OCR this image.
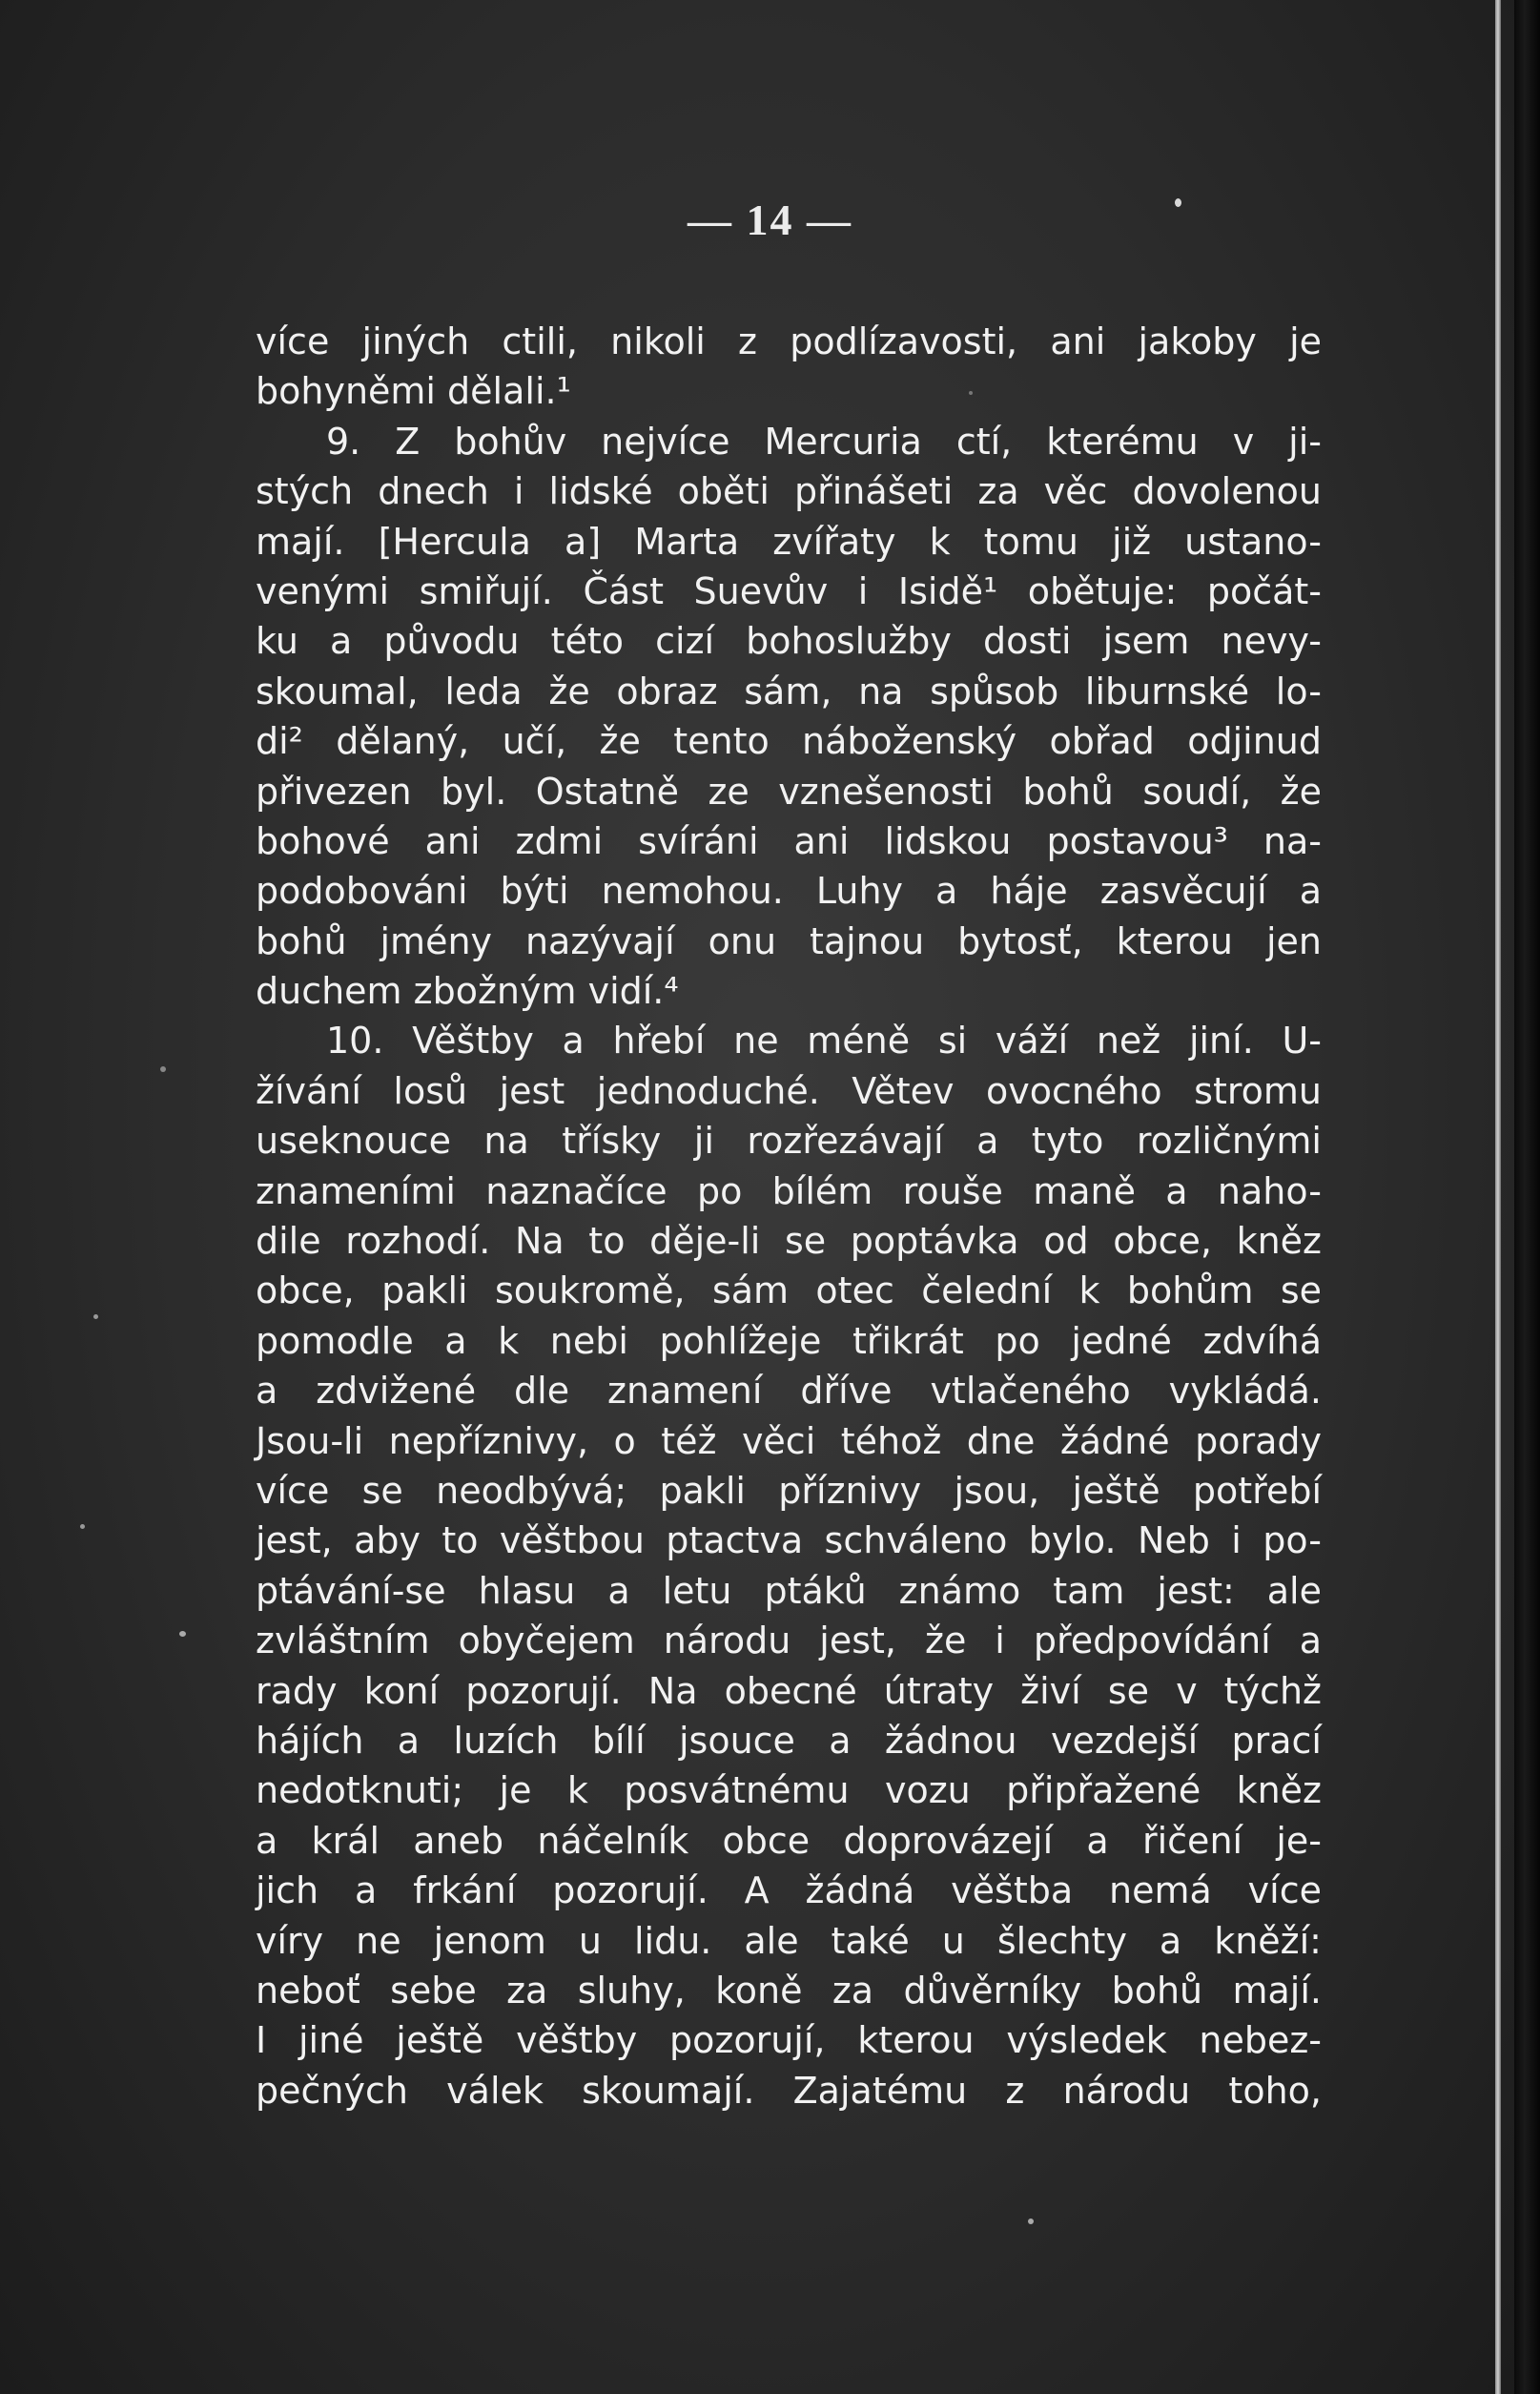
— 14 —
více jiných ctili, nikoli z podlízavosti, ani jakoby je
bohyněmi dělali.¹
9. Z bohův nejvíce Mercuria ctí, kterému v ji-
stých dnech i lidské oběti přinášeti za věc dovolenou
mají. [Hercula a] Marta zvířaty k tomu již ustano-
venými smiřují. Část Suevův i Isidě¹ obětuje: počát-
ku a původu této cizí bohoslužby dosti jsem nevy-
skoumal, leda že obraz sám, na spůsob liburnské lo-
di² dělaný, učí, že tento náboženský obřad odjinud
přivezen byl. Ostatně ze vznešenosti bohů soudí, že
bohové ani zdmi svíráni ani lidskou postavou³ na-
podobováni býti nemohou. Luhy a háje zasvěcují a
bohů jmény nazývají onu tajnou bytosť, kterou jen
duchem zbožným vidí.⁴
10. Věštby a hřebí ne méně si váží než jiní. U-
žívání losů jest jednoduché. Větev ovocného stromu
useknouce na třísky ji rozřezávají a tyto rozličnými
znameními naznačíce po bílém rouše maně a naho-
dile rozhodí. Na to děje-li se poptávka od obce, kněz
obce, pakli soukromě, sám otec čelední k bohům se
pomodle a k nebi pohlížeje třikrát po jedné zdvíhá
a zdvižené dle znamení dříve vtlačeného vykládá.
Jsou-li nepříznivy, o též věci téhož dne žádné porady
více se neodbývá; pakli příznivy jsou, ještě potřebí
jest, aby to věštbou ptactva schváleno bylo. Neb i po-
ptávání-se hlasu a letu ptáků známo tam jest: ale
zvláštním obyčejem národu jest, že i předpovídání a
rady koní pozorují. Na obecné útraty živí se v týchž
hájích a luzích bílí jsouce a žádnou vezdejší prací
nedotknuti; je k posvátnému vozu připřažené kněz
a král aneb náčelník obce doprovázejí a řičení je-
jich a frkání pozorují. A žádná věštba nemá více
víry ne jenom u lidu. ale také u šlechty a kněží:
neboť sebe za sluhy, koně za důvěrníky bohů mají.
I jiné ještě věštby pozorují, kterou výsledek nebez-
pečných válek skoumají. Zajatému z národu toho,
